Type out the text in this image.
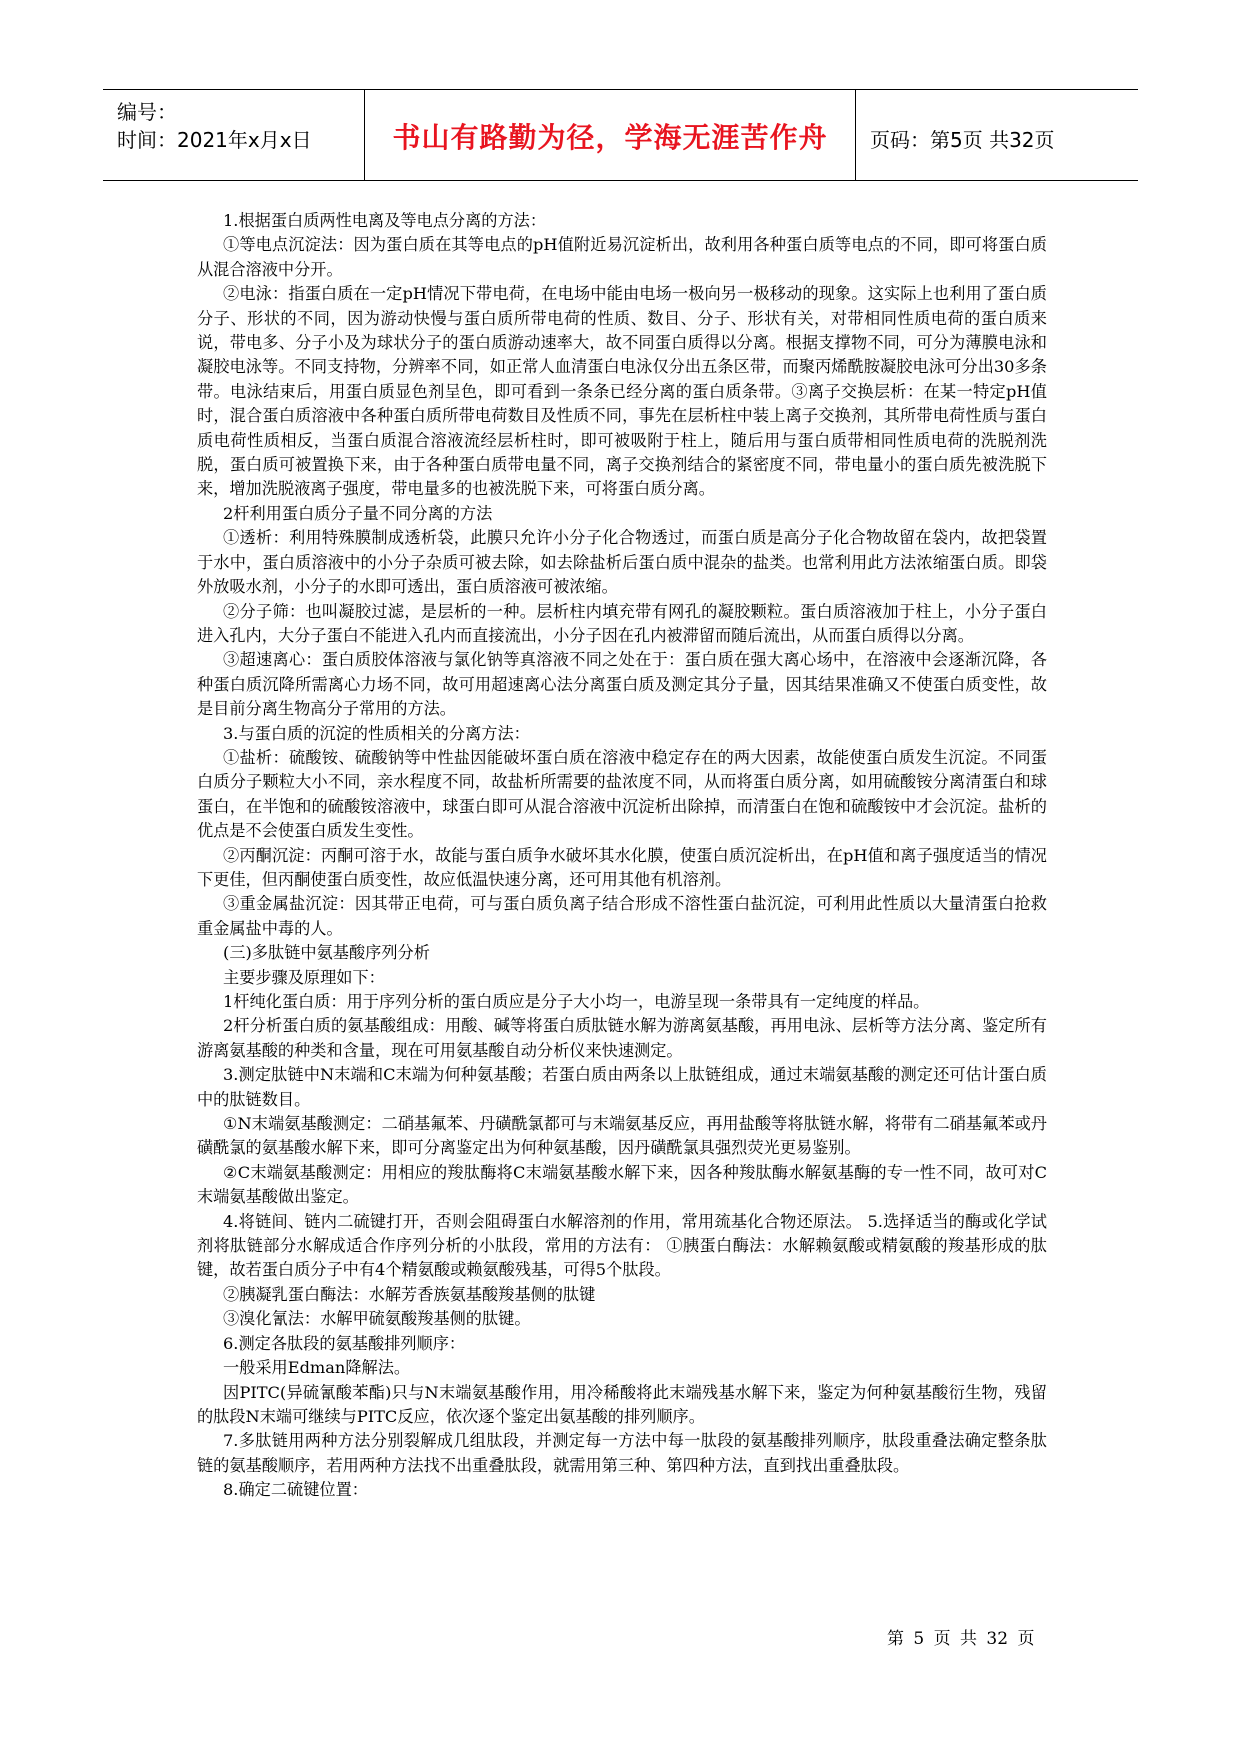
编号：
时间：2021年x月x日	书山有路勤为径，学海无涯苦作舟	页码：第5页 共32页

1.根据蛋白质两性电离及等电点分离的方法：

①等电点沉淀法：因为蛋白质在其等电点的pH值附近易沉淀析出，故利用各种蛋白质等电点的不同，即可将蛋白质从混合溶液中分开。

②电泳：指蛋白质在一定pH情况下带电荷，在电场中能由电场一极向另一极移动的现象。这实际上也利用了蛋白质分子、形状的不同，因为游动快慢与蛋白质所带电荷的性质、数目、分子、形状有关，对带相同性质电荷的蛋白质来说，带电多、分子小及为球状分子的蛋白质游动速率大，故不同蛋白质得以分离。根据支撑物不同，可分为薄膜电泳和凝胶电泳等。不同支持物，分辨率不同，如正常人血清蛋白电泳仅分出五条区带，而聚丙烯酰胺凝胶电泳可分出30多条带。电泳结束后，用蛋白质显色剂呈色，即可看到一条条已经分离的蛋白质条带。③离子交换层析：在某一特定pH值时，混合蛋白质溶液中各种蛋白质所带电荷数目及性质不同，事先在层析柱中装上离子交换剂，其所带电荷性质与蛋白质电荷性质相反，当蛋白质混合溶液流经层析柱时，即可被吸附于柱上，随后用与蛋白质带相同性质电荷的洗脱剂洗脱，蛋白质可被置换下来，由于各种蛋白质带电量不同，离子交换剂结合的紧密度不同，带电量小的蛋白质先被洗脱下来，增加洗脱液离子强度，带电量多的也被洗脱下来，可将蛋白质分离。

2杆利用蛋白质分子量不同分离的方法

①透析：利用特殊膜制成透析袋，此膜只允许小分子化合物透过，而蛋白质是高分子化合物故留在袋内，故把袋置于水中，蛋白质溶液中的小分子杂质可被去除，如去除盐析后蛋白质中混杂的盐类。也常利用此方法浓缩蛋白质。即袋外放吸水剂，小分子的水即可透出，蛋白质溶液可被浓缩。

②分子筛：也叫凝胶过滤，是层析的一种。层析柱内填充带有网孔的凝胶颗粒。蛋白质溶液加于柱上，小分子蛋白进入孔内，大分子蛋白不能进入孔内而直接流出，小分子因在孔内被滞留而随后流出，从而蛋白质得以分离。

③超速离心：蛋白质胶体溶液与氯化钠等真溶液不同之处在于：蛋白质在强大离心场中，在溶液中会逐渐沉降，各种蛋白质沉降所需离心力场不同，故可用超速离心法分离蛋白质及测定其分子量，因其结果准确又不使蛋白质变性，故是目前分离生物高分子常用的方法。

3.与蛋白质的沉淀的性质相关的分离方法：

①盐析：硫酸铵、硫酸钠等中性盐因能破坏蛋白质在溶液中稳定存在的两大因素，故能使蛋白质发生沉淀。不同蛋白质分子颗粒大小不同，亲水程度不同，故盐析所需要的盐浓度不同，从而将蛋白质分离，如用硫酸铵分离清蛋白和球蛋白，在半饱和的硫酸铵溶液中，球蛋白即可从混合溶液中沉淀析出除掉，而清蛋白在饱和硫酸铵中才会沉淀。盐析的优点是不会使蛋白质发生变性。

②丙酮沉淀：丙酮可溶于水，故能与蛋白质争水破坏其水化膜，使蛋白质沉淀析出，在pH值和离子强度适当的情况下更佳，但丙酮使蛋白质变性，故应低温快速分离，还可用其他有机溶剂。

③重金属盐沉淀：因其带正电荷，可与蛋白质负离子结合形成不溶性蛋白盐沉淀，可利用此性质以大量清蛋白抢救重金属盐中毒的人。

(三)多肽链中氨基酸序列分析

主要步骤及原理如下：

1杆纯化蛋白质：用于序列分析的蛋白质应是分子大小均一，电游呈现一条带具有一定纯度的样品。

2杆分析蛋白质的氨基酸组成：用酸、碱等将蛋白质肽链水解为游离氨基酸，再用电泳、层析等方法分离、鉴定所有游离氨基酸的种类和含量，现在可用氨基酸自动分析仪来快速测定。

3.测定肽链中N末端和C末端为何种氨基酸；若蛋白质由两条以上肽链组成，通过末端氨基酸的测定还可估计蛋白质中的肽链数目。

①N末端氨基酸测定：二硝基氟苯、丹磺酰氯都可与末端氨基反应，再用盐酸等将肽链水解，将带有二硝基氟苯或丹磺酰氯的氨基酸水解下来，即可分离鉴定出为何种氨基酸，因丹磺酰氯具强烈荧光更易鉴别。

②C末端氨基酸测定：用相应的羧肽酶将C末端氨基酸水解下来，因各种羧肽酶水解氨基酶的专一性不同，故可对C末端氨基酸做出鉴定。

4.将链间、链内二硫键打开，否则会阻碍蛋白水解溶剂的作用，常用巯基化合物还原法。 5.选择适当的酶或化学试剂将肽链部分水解成适合作序列分析的小肽段，常用的方法有： ①胰蛋白酶法：水解赖氨酸或精氨酸的羧基形成的肽键，故若蛋白质分子中有4个精氨酸或赖氨酸残基，可得5个肽段。

②胰凝乳蛋白酶法：水解芳香族氨基酸羧基侧的肽键

③溴化氰法：水解甲硫氨酸羧基侧的肽键。

6.测定各肽段的氨基酸排列顺序：

一般采用Edman降解法。

因PITC(异硫氰酸苯酯)只与N末端氨基酸作用，用冷稀酸将此末端残基水解下来，鉴定为何种氨基酸衍生物，残留的肽段N末端可继续与PITC反应，依次逐个鉴定出氨基酸的排列顺序。

7.多肽链用两种方法分别裂解成几组肽段，并测定每一方法中每一肽段的氨基酸排列顺序，肽段重叠法确定整条肽链的氨基酸顺序，若用两种方法找不出重叠肽段，就需用第三种、第四种方法，直到找出重叠肽段。

8.确定二硫键位置：

第 5 页 共 32 页
